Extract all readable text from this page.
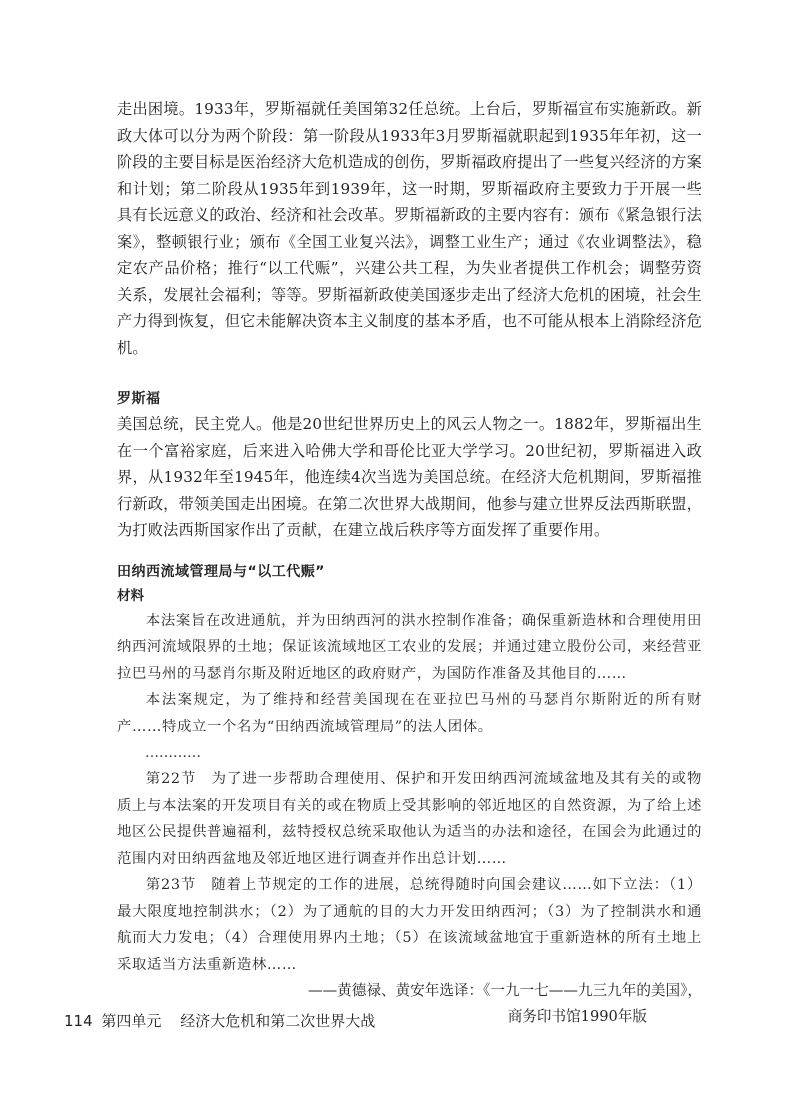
走出困境。1933年，罗斯福就任美国第32任总统。上台后，罗斯福宣布实施新政。新政大体可以分为两个阶段：第一阶段从1933年3月罗斯福就职起到1935年年初，这一阶段的主要目标是医治经济大危机造成的创伤，罗斯福政府提出了一些复兴经济的方案和计划；第二阶段从1935年到1939年，这一时期，罗斯福政府主要致力于开展一些具有长远意义的政治、经济和社会改革。罗斯福新政的主要内容有：颁布《紧急银行法案》，整顿银行业；颁布《全国工业复兴法》，调整工业生产；通过《农业调整法》，稳定农产品价格；推行“以工代赈”，兴建公共工程，为失业者提供工作机会；调整劳资关系，发展社会福利；等等。罗斯福新政使美国逐步走出了经济大危机的困境，社会生产力得到恢复，但它未能解决资本主义制度的基本矛盾，也不可能从根本上消除经济危机。

罗斯福

美国总统，民主党人。他是20世纪世界历史上的风云人物之一。1882年，罗斯福出生在一个富裕家庭，后来进入哈佛大学和哥伦比亚大学学习。20世纪初，罗斯福进入政界，从1932年至1945年，他连续4次当选为美国总统。在经济大危机期间，罗斯福推行新政，带领美国走出困境。在第二次世界大战期间，他参与建立世界反法西斯联盟，为打败法西斯国家作出了贡献，在建立战后秩序等方面发挥了重要作用。

田纳西流域管理局与“以工代赈”

材料

本法案旨在改进通航，并为田纳西河的洪水控制作准备；确保重新造林和合理使用田纳西河流域限界的土地；保证该流域地区工农业的发展；并通过建立股份公司，来经营亚拉巴马州的马瑟肖尔斯及附近地区的政府财产，为国防作准备及其他目的……

本法案规定，为了维持和经营美国现在在亚拉巴马州的马瑟肖尔斯附近的所有财产……特成立一个名为“田纳西流域管理局”的法人团体。

…………

第22节　为了进一步帮助合理使用、保护和开发田纳西河流域盆地及其有关的或物质上与本法案的开发项目有关的或在物质上受其影响的邻近地区的自然资源，为了给上述地区公民提供普遍福利，兹特授权总统采取他认为适当的办法和途径，在国会为此通过的范围内对田纳西盆地及邻近地区进行调查并作出总计划……

第23节　随着上节规定的工作的进展，总统得随时向国会建议……如下立法：（1）最大限度地控制洪水；（2）为了通航的目的大力开发田纳西河；（3）为了控制洪水和通航而大力发电；（4）合理使用界内土地；（5）在该流域盆地宜于重新造林的所有土地上采取适当方法重新造林……

——黄德禄、黄安年选译：《一九一七——九三九年的美国》，

商务印书馆1990年版

114 第四单元 经济大危机和第二次世界大战
